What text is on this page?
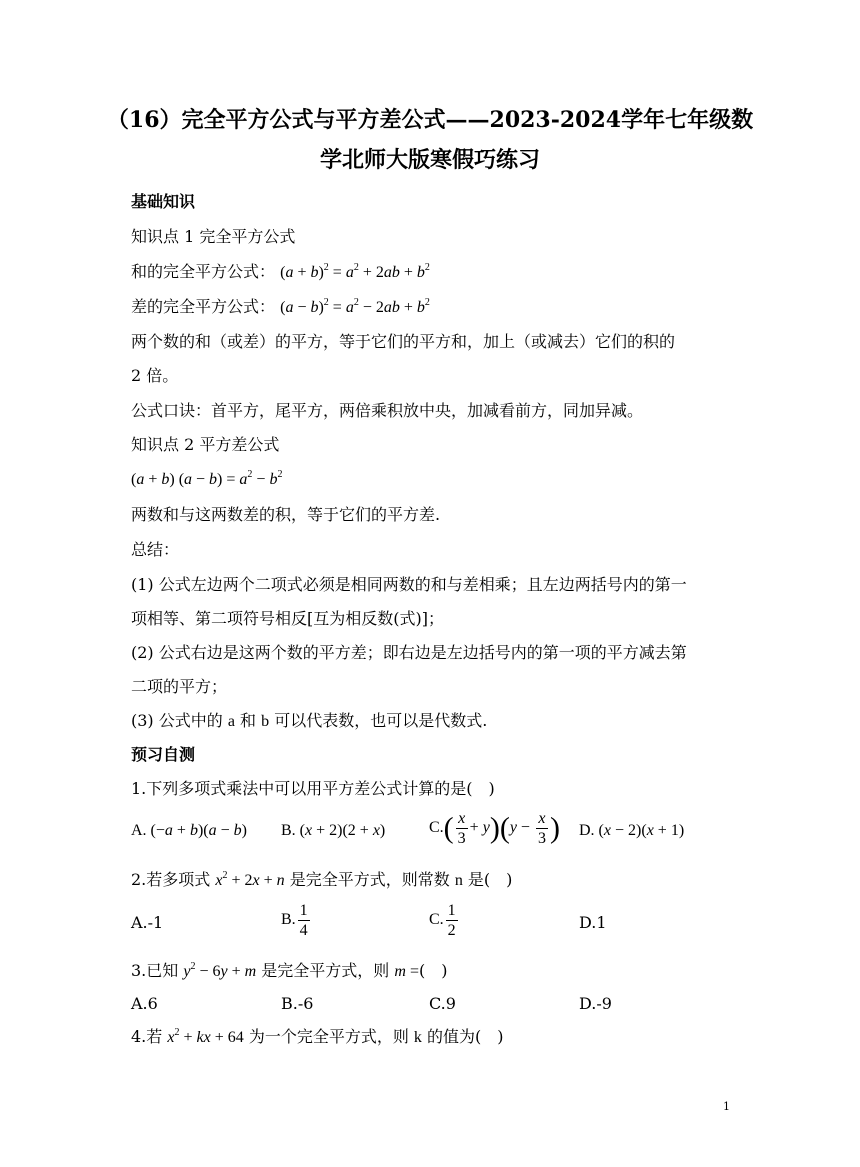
（16）完全平方公式与平方差公式——2023-2024学年七年级数
学北师大版寒假巧练习
基础知识
知识点 1 完全平方公式
和的完全平方公式： $(a + b)^2 = a^2 + 2ab + b^2$
差的完全平方公式： $(a - b)^2 = a^2 - 2ab + b^2$
两个数的和（或差）的平方，等于它们的平方和，加上（或减去）它们的积的
2 倍。
公式口诀：首平方，尾平方，两倍乘积放中央，加减看前方，同加异减。
知识点 2 平方差公式
(a + b) $(a - b) = a^2 - b^2$
两数和与这两数差的积，等于它们的平方差.
总结：
(1) 公式左边两个二项式必须是相同两数的和与差相乘；且左边两括号内的第一
项相等、第二项符号相反[互为相反数(式)]；
(2) 公式右边是这两个数的平方差；即右边是左边括号内的第一项的平方减去第
二项的平方；
(3) 公式中的 a 和 b 可以代表数，也可以是代数式.
预习自测
1.下列多项式乘法中可以用平方差公式计算的是(　)
A. (−a + b)(a − b) B. (x + 2)(2 + x)	$C.( \frac{x}{3} + y)(y - \frac{x}{3}$ ) D. (x − 2)(x + 1)
2.若多项式 $x^2 + 2x + n$ 是完全平方式，则常数 n 是(　)
A.-1	B. $\frac{1}{4}$	C. $\frac{1}{2}$	D.1
3.已知 $y^2 - 6y + m$ 是完全平方式，则 m =(　)
A.6	B.-6	C.9	D.-9
4.若 $x^2$ + kx + 64 为一个完全平方式，则 k 的值为(　)
1
